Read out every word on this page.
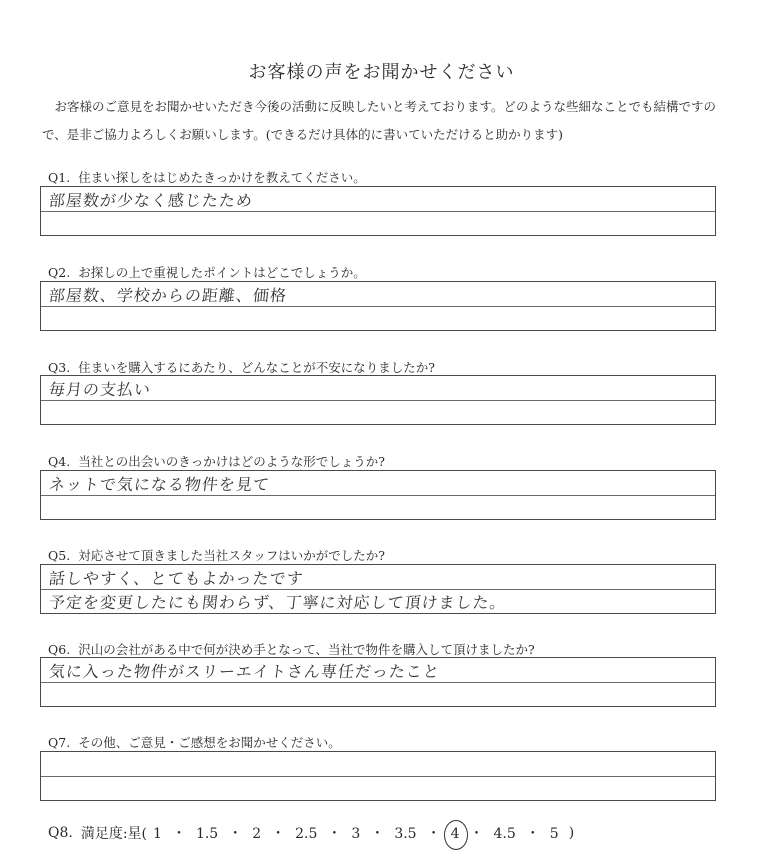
お客様の声をお聞かせください
お客様のご意見をお聞かせいただき今後の活動に反映したいと考えております。どのような些細なことでも結構ですので、是非ご協力よろしくお願いします。(できるだけ具体的に書いていただけると助かります)
Q1. 住まい探しをはじめたきっかけを教えてください。
部屋数が少なく感じたため
Q2. お探しの上で重視したポイントはどこでしょうか。
部屋数、学校からの距離、価格
Q3. 住まいを購入するにあたり、どんなことが不安になりましたか?
毎月の支払い
Q4. 当社との出会いのきっかけはどのような形でしょうか?
ネットで気になる物件を見て
Q5. 対応させて頂きました当社スタッフはいかがでしたか?
話しやすく、とてもよかったです
予定を変更したにも関わらず、丁寧に対応して頂けました。
Q6. 沢山の会社がある中で何が決め手となって、当社で物件を購入して頂けましたか?
気に入った物件がスリーエイトさん専任だったこと
Q7. その他、ご意見・ご感想をお聞かせください。
Q8. 満足度:星( 1 ・ 1.5 ・ 2 ・ 2.5 ・ 3 ・ 3.5 ・ 4 ・ 4.5 ・ 5 )
